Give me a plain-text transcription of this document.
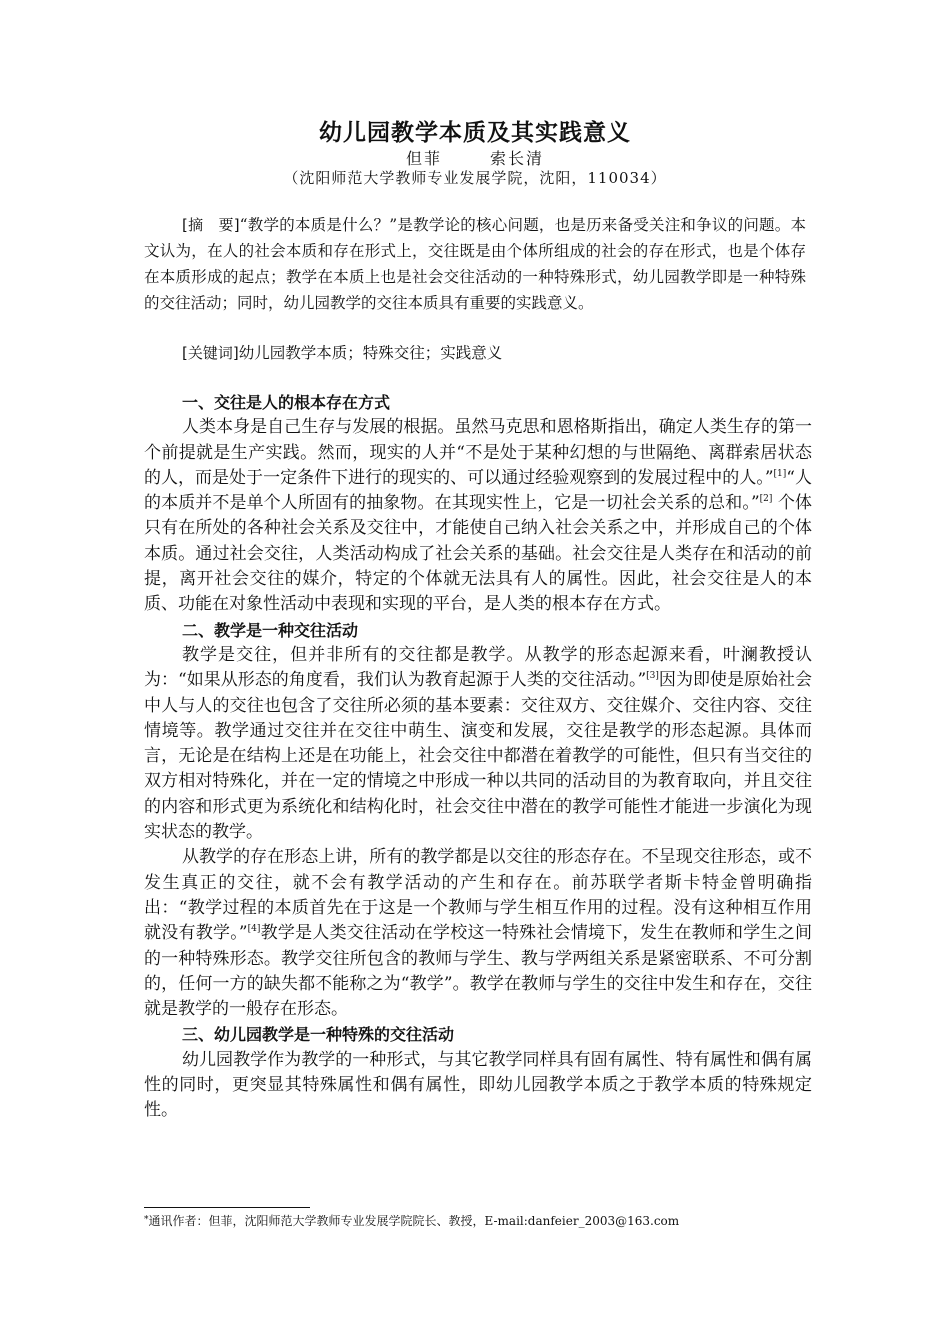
幼儿园教学本质及其实践意义
但菲	索长清
（沈阳师范大学教师专业发展学院，沈阳，110034）

[摘　要]“教学的本质是什么？”是教学论的核心问题，也是历来备受关注和争议的问题。本文认为，在人的社会本质和存在形式上，交往既是由个体所组成的社会的存在形式，也是个体存在本质形成的起点；教学在本质上也是社会交往活动的一种特殊形式，幼儿园教学即是一种特殊的交往活动；同时，幼儿园教学的交往本质具有重要的实践意义。

[关键词]幼儿园教学本质；特殊交往；实践意义

一、交往是人的根本存在方式

人类本身是自己生存与发展的根据。虽然马克思和恩格斯指出，确定人类生存的第一个前提就是生产实践。然而，现实的人并“不是处于某种幻想的与世隔绝、离群索居状态的人，而是处于一定条件下进行的现实的、可以通过经验观察到的发展过程中的人。”[1]“人的本质并不是单个人所固有的抽象物。在其现实性上，它是一切社会关系的总和。”[2] 个体只有在所处的各种社会关系及交往中，才能使自己纳入社会关系之中，并形成自己的个体本质。通过社会交往，人类活动构成了社会关系的基础。社会交往是人类存在和活动的前提，离开社会交往的媒介，特定的个体就无法具有人的属性。因此，社会交往是人的本质、功能在对象性活动中表现和实现的平台，是人类的根本存在方式。

二、教学是一种交往活动

教学是交往，但并非所有的交往都是教学。从教学的形态起源来看，叶澜教授认为：“如果从形态的角度看，我们认为教育起源于人类的交往活动。”[3]因为即使是原始社会中人与人的交往也包含了交往所必须的基本要素：交往双方、交往媒介、交往内容、交往情境等。教学通过交往并在交往中萌生、演变和发展，交往是教学的形态起源。具体而言，无论是在结构上还是在功能上，社会交往中都潜在着教学的可能性，但只有当交往的双方相对特殊化，并在一定的情境之中形成一种以共同的活动目的为教育取向，并且交往的内容和形式更为系统化和结构化时，社会交往中潜在的教学可能性才能进一步演化为现实状态的教学。

从教学的存在形态上讲，所有的教学都是以交往的形态存在。不呈现交往形态，或不发生真正的交往，就不会有教学活动的产生和存在。前苏联学者斯卡特金曾明确指出：“教学过程的本质首先在于这是一个教师与学生相互作用的过程。没有这种相互作用就没有教学。”[4]教学是人类交往活动在学校这一特殊社会情境下，发生在教师和学生之间的一种特殊形态。教学交往所包含的教师与学生、教与学两组关系是紧密联系、不可分割的，任何一方的缺失都不能称之为“教学”。教学在教师与学生的交往中发生和存在，交往就是教学的一般存在形态。

三、幼儿园教学是一种特殊的交往活动

幼儿园教学作为教学的一种形式，与其它教学同样具有固有属性、特有属性和偶有属性的同时，更突显其特殊属性和偶有属性，即幼儿园教学本质之于教学本质的特殊规定性。

*通讯作者：但菲，沈阳师范大学教师专业发展学院院长、教授，E-mail:danfeier_2003@163.com
